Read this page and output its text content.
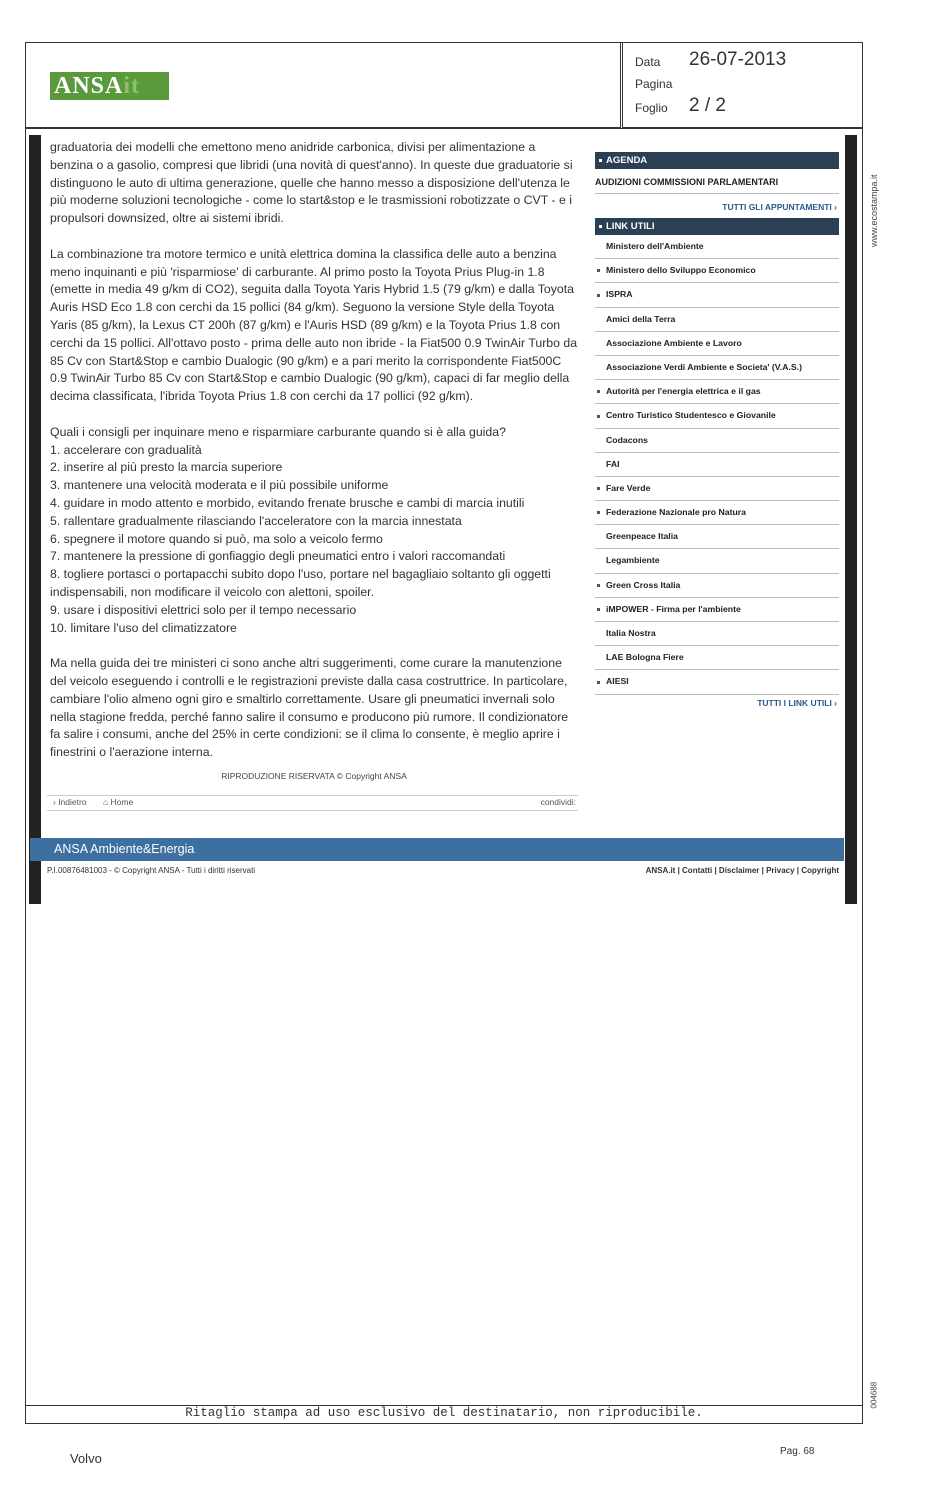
ANSAit
Data 26-07-2013
Pagina
Foglio 2 / 2

graduatoria dei modelli che emettono meno anidride carbonica, divisi per alimentazione a benzina o a gasolio, compresi que libridi (una novità di quest'anno). In queste due graduatorie si distinguono le auto di ultima generazione, quelle che hanno messo a disposizione dell'utenza le più moderne soluzioni tecnologiche - come lo start&stop e le trasmissioni robotizzate o CVT - e i propulsori downsized, oltre ai sistemi ibridi.

La combinazione tra motore termico e unità elettrica domina la classifica delle auto a benzina meno inquinanti e più 'risparmiose' di carburante. Al primo posto la Toyota Prius Plug-in 1.8 (emette in media 49 g/km di CO2), seguita dalla Toyota Yaris Hybrid 1.5 (79 g/km) e dalla Toyota Auris HSD Eco 1.8 con cerchi da 15 pollici (84 g/km). Seguono la versione Style della Toyota Yaris (85 g/km), la Lexus CT 200h (87 g/km) e l'Auris HSD (89 g/km) e la Toyota Prius 1.8 con cerchi da 15 pollici. All'ottavo posto - prima delle auto non ibride - la Fiat500 0.9 TwinAir Turbo da 85 Cv con Start&Stop e cambio Dualogic (90 g/km) e a pari merito la corrispondente Fiat500C 0.9 TwinAir Turbo 85 Cv con Start&Stop e cambio Dualogic (90 g/km), capaci di far meglio della decima classificata, l'ibrida Toyota Prius 1.8 con cerchi da 17 pollici (92 g/km).

Quali i consigli per inquinare meno e risparmiare carburante quando si è alla guida?
1. accelerare con gradualità
2. inserire al più presto la marcia superiore
3. mantenere una velocità moderata e il più possibile uniforme
4. guidare in modo attento e morbido, evitando frenate brusche e cambi di marcia inutili
5. rallentare gradualmente rilasciando l'acceleratore con la marcia innestata
6. spegnere il motore quando si può, ma solo a veicolo fermo
7. mantenere la pressione di gonfiaggio degli pneumatici entro i valori raccomandati
8. togliere portasci o portapacchi subito dopo l'uso, portare nel bagagliaio soltanto gli oggetti indispensabili, non modificare il veicolo con alettoni, spoiler.
9. usare i dispositivi elettrici solo per il tempo necessario
10. limitare l'uso del climatizzatore

Ma nella guida dei tre ministeri ci sono anche altri suggerimenti, come curare la manutenzione del veicolo eseguendo i controlli e le registrazioni previste dalla casa costruttrice. In particolare, cambiare l'olio almeno ogni giro e smaltirlo correttamente. Usare gli pneumatici invernali solo nella stagione fredda, perché fanno salire il consumo e producono più rumore. Il condizionatore fa salire i consumi, anche del 25% in certe condizioni: se il clima lo consente, è meglio aprire i finestrini o l'aerazione interna.

RIPRODUZIONE RISERVATA © Copyright ANSA
› Indietro ⌂ Home	condividi:
AGENDA
AUDIZIONI COMMISSIONI PARLAMENTARI
TUTTI GLI APPUNTAMENTI ›
LINK UTILI
Ministero dell'Ambiente
Ministero dello Sviluppo Economico
ISPRA
Amici della Terra
Associazione Ambiente e Lavoro
Associazione Verdi Ambiente e Societa' (V.A.S.)
Autorità per l'energia elettrica e il gas
Centro Turistico Studentesco e Giovanile
Codacons
FAI
Fare Verde
Federazione Nazionale pro Natura
Greenpeace Italia
Legambiente
Green Cross Italia
iMPOWER - Firma per l'ambiente
Italia Nostra
LAE Bologna Fiere
AIESI
TUTTI I LINK UTILI ›
ANSA Ambiente&Energia
P.I.00876481003 - © Copyright ANSA - Tutti i diritti riservati	ANSA.it | Contatti | Disclaimer | Privacy | Copyright
www.ecostampa.it
004688
Ritaglio stampa ad uso esclusivo del destinatario, non riproducibile.
Volvo	Pag. 68
